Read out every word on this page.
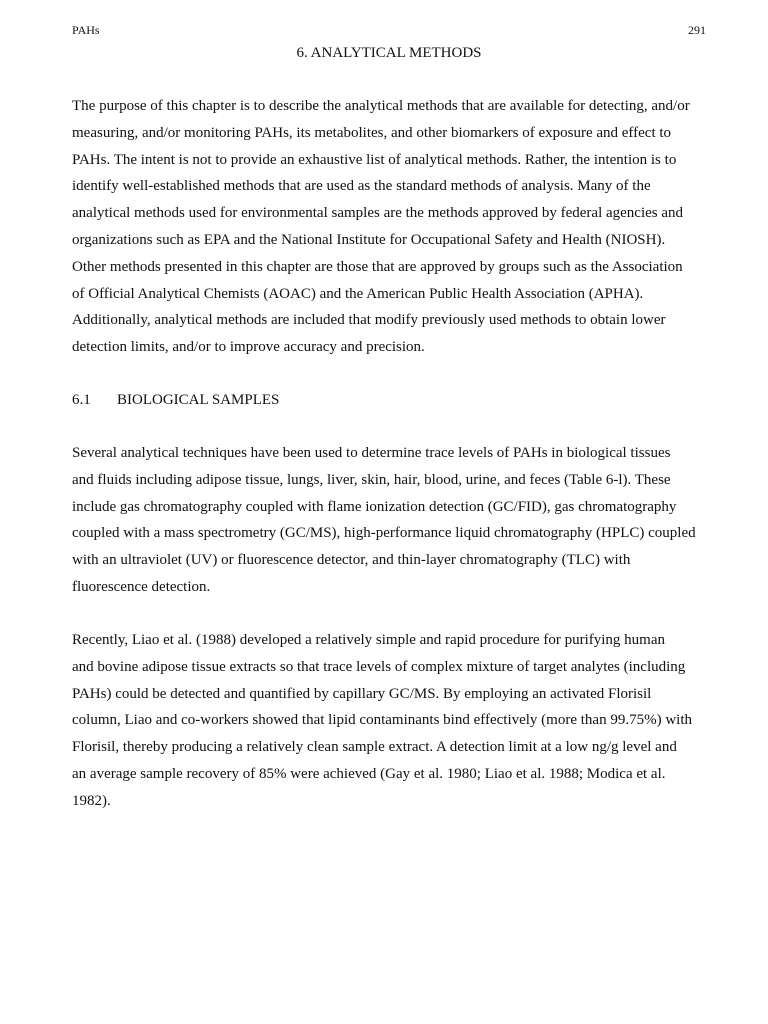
PAHs	291
6. ANALYTICAL METHODS
The purpose of this chapter is to describe the analytical methods that are available for detecting, and/or
measuring, and/or monitoring PAHs, its metabolites, and other biomarkers of exposure and effect to
PAHs. The intent is not to provide an exhaustive list of analytical methods. Rather, the intention is to
identify well-established methods that are used as the standard methods of analysis. Many of the
analytical methods used for environmental samples are the methods approved by federal agencies and
organizations such as EPA and the National Institute for Occupational Safety and Health (NIOSH).
Other methods presented in this chapter are those that are approved by groups such as the Association
of Official Analytical Chemists (AOAC) and the American Public Health Association (APHA).
Additionally, analytical methods are included that modify previously used methods to obtain lower
detection limits, and/or to improve accuracy and precision.
6.1 BIOLOGICAL SAMPLES
Several analytical techniques have been used to determine trace levels of PAHs in biological tissues
and fluids including adipose tissue, lungs, liver, skin, hair, blood, urine, and feces (Table 6-l). These
include gas chromatography coupled with flame ionization detection (GC/FID), gas chromatography
coupled with a mass spectrometry (GC/MS), high-performance liquid chromatography (HPLC) coupled
with an ultraviolet (UV) or fluorescence detector, and thin-layer chromatography (TLC) with
fluorescence detection.
Recently, Liao et al. (1988) developed a relatively simple and rapid procedure for purifying human
and bovine adipose tissue extracts so that trace levels of complex mixture of target analytes (including
PAHs) could be detected and quantified by capillary GC/MS. By employing an activated Florisil
column, Liao and co-workers showed that lipid contaminants bind effectively (more than 99.75%) with
Florisil, thereby producing a relatively clean sample extract. A detection limit at a low ng/g level and
an average sample recovery of 85% were achieved (Gay et al. 1980; Liao et al. 1988; Modica et al.
1982).
